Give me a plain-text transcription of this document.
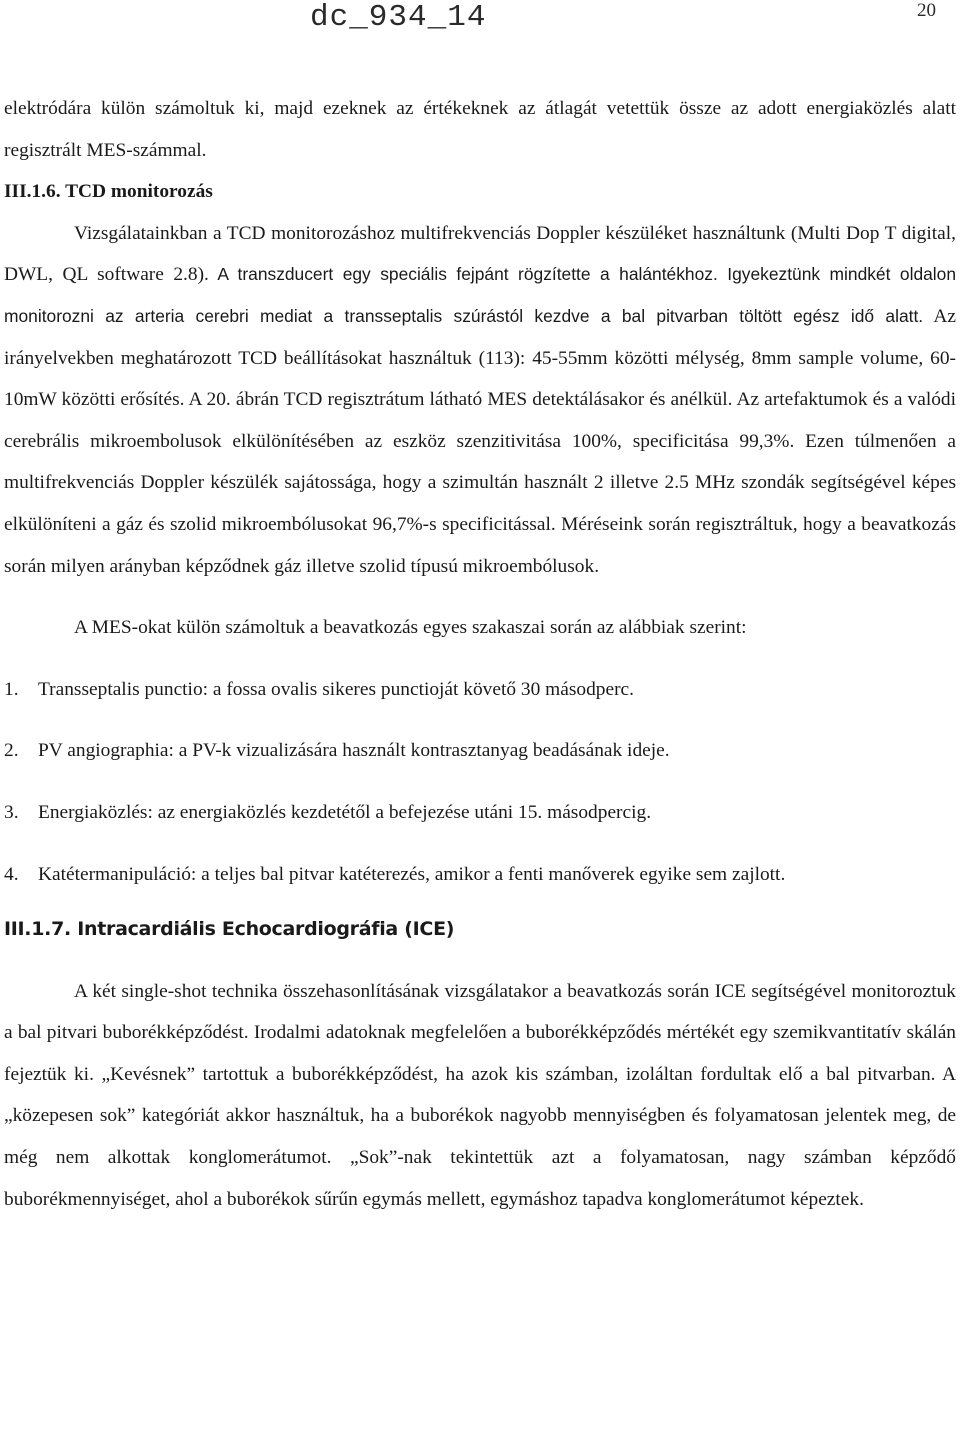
dc_934_14	20

elektródára külön számoltuk ki, majd ezeknek az értékeknek az átlagát vetettük össze az adott energiaközlés alatt regisztrált MES-számmal.

III.1.6. TCD monitorozás

Vizsgálatainkban a TCD monitorozáshoz multifrekvenciás Doppler készüléket használtunk (Multi Dop T digital, DWL, QL software 2.8). A transzducert egy speciális fejpánt rögzítette a halántékhoz. Igyekeztünk mindkét oldalon monitorozni az arteria cerebri mediat a transseptalis szúrástól kezdve a bal pitvarban töltött egész idő alatt. Az irányelvekben meghatározott TCD beállításokat használtuk (113): 45-55mm közötti mélység, 8mm sample volume, 60-10mW közötti erősítés. A 20. ábrán TCD regisztrátum látható MES detektálásakor és anélkül. Az artefaktumok és a valódi cerebrális mikroembolusok elkülönítésében az eszköz szenzitivitása 100%, specificitása 99,3%. Ezen túlmenően a multifrekvenciás Doppler készülék sajátossága, hogy a szimultán használt 2 illetve 2.5 MHz szondák segítségével képes elkülöníteni a gáz és szolid mikroembólusokat 96,7%-s specificitással. Méréseink során regisztráltuk, hogy a beavatkozás során milyen arányban képződnek gáz illetve szolid típusú mikroembólusok.

A MES-okat külön számoltuk a beavatkozás egyes szakaszai során az alábbiak szerint:

1. Transseptalis punctio: a fossa ovalis sikeres punctioját követő 30 másodperc.

2. PV angiographia: a PV-k vizualizására használt kontrasztanyag beadásának ideje.

3. Energiaközlés: az energiaközlés kezdetétől a befejezése utáni 15. másodpercig.

4. Katétermanipuláció: a teljes bal pitvar katéterezés, amikor a fenti manőverek egyike sem zajlott.

III.1.7. Intracardiális Echocardiográfia (ICE)

A két single-shot technika összehasonlításának vizsgálatakor a beavatkozás során ICE segítségével monitoroztuk a bal pitvari buborékképződést. Irodalmi adatoknak megfelelően a buborékképződés mértékét egy szemikvantitatív skálán fejeztük ki. „Kevésnek” tartottuk a buborékképződést, ha azok kis számban, izoláltan fordultak elő a bal pitvarban. A „közepesen sok” kategóriát akkor használtuk, ha a buborékok nagyobb mennyiségben és folyamatosan jelentek meg, de még nem alkottak konglomerátumot. „Sok”-nak tekintettük azt a folyamatosan, nagy számban képződő buborékmennyiséget, ahol a buborékok sűrűn egymás mellett, egymáshoz tapadva konglomerátumot képeztek.
